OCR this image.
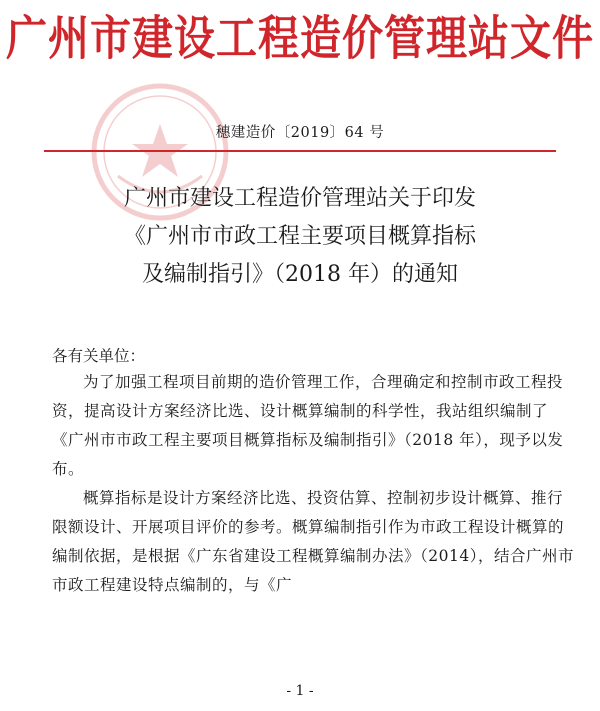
广州市建设工程造价管理站文件
穗建造价〔2019〕64 号
广州市建设工程造价管理站关于印发
《广州市市政工程主要项目概算指标
及编制指引》（2018 年）的通知
各有关单位：

为了加强工程项目前期的造价管理工作，合理确定和控制市政工程投资，提高设计方案经济比选、设计概算编制的科学性，我站组织编制了《广州市市政工程主要项目概算指标及编制指引》（2018 年），现予以发布。

概算指标是设计方案经济比选、投资估算、控制初步设计概算、推行限额设计、开展项目评价的参考。概算编制指引作为市政工程设计概算的编制依据，是根据《广东省建设工程概算编制办法》（2014），结合广州市市政工程建设特点编制的，与《广

- 1 -
